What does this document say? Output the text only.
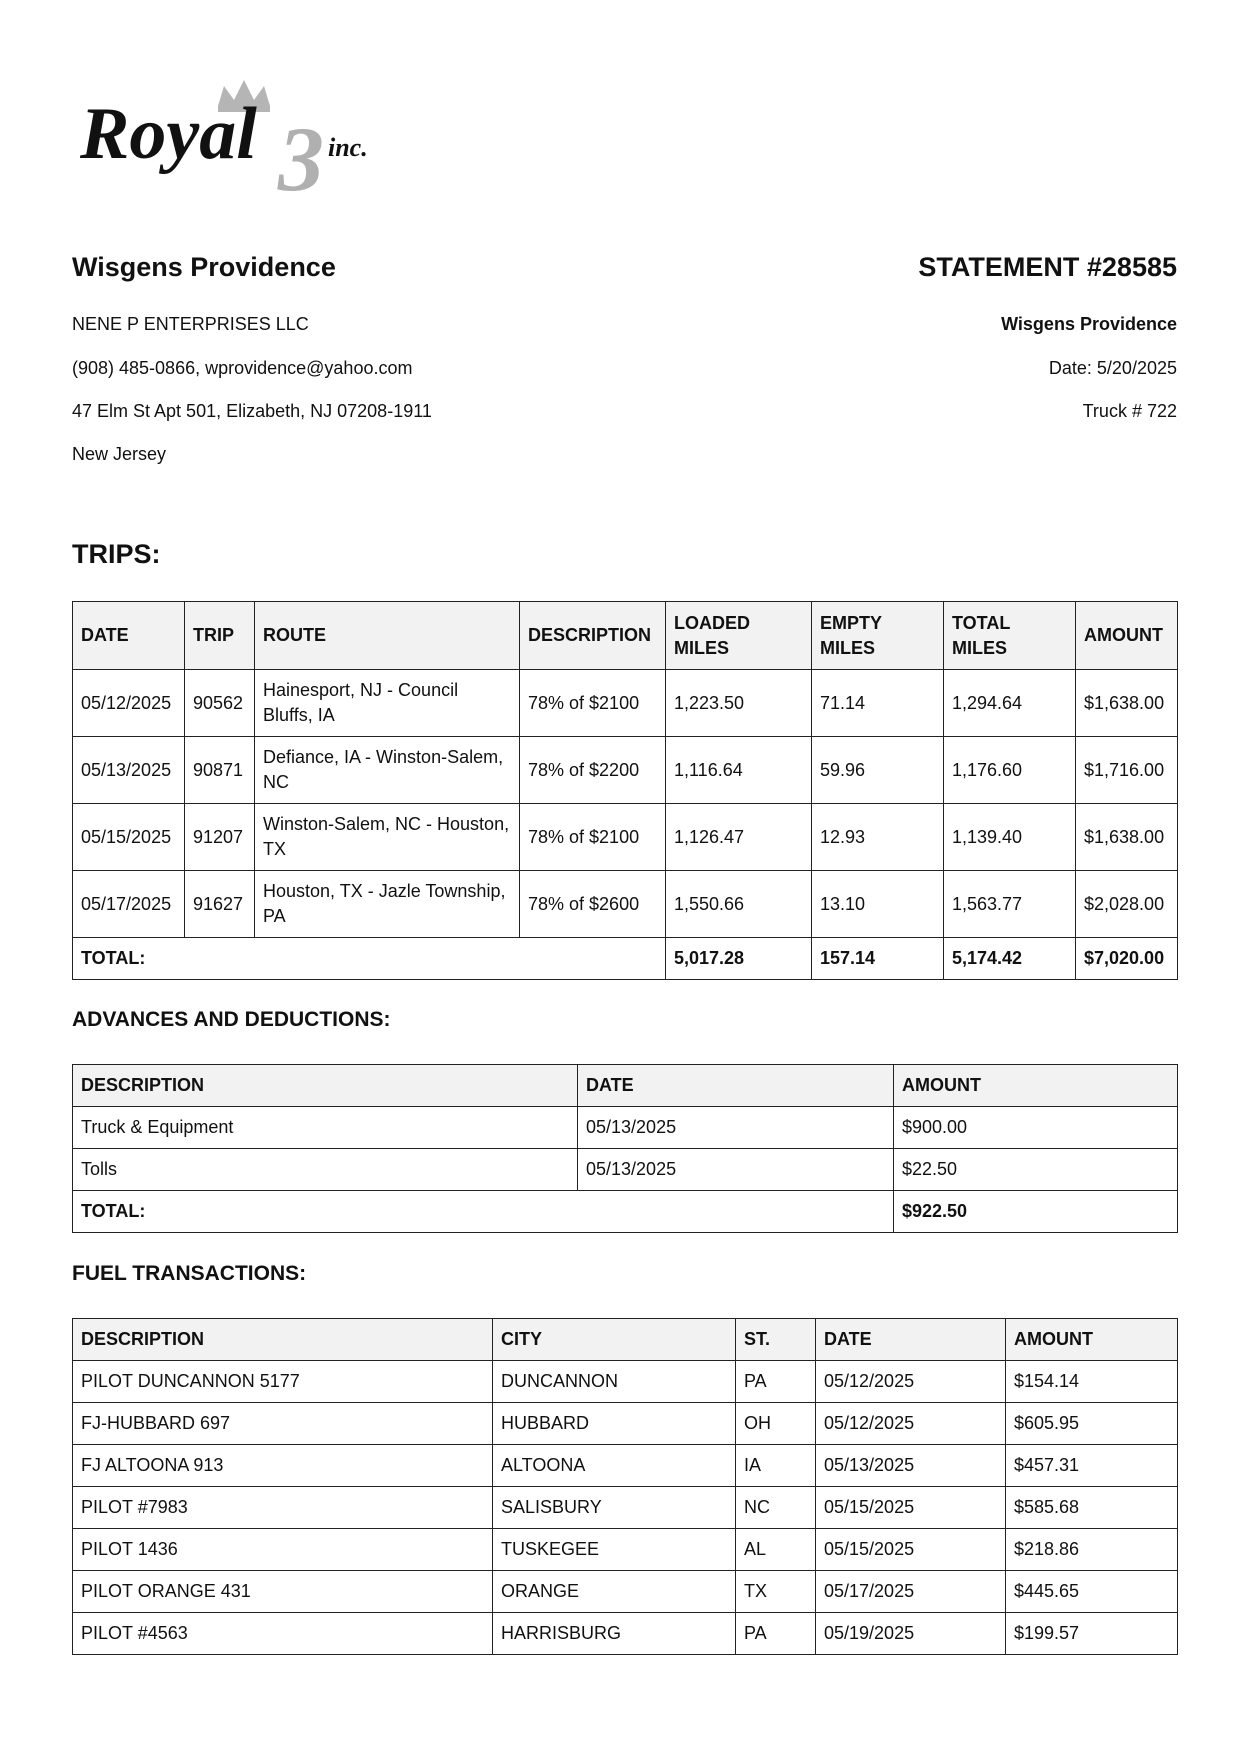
3
Royal	inc.
Wisgens Providence
NENE P ENTERPRISES LLC
(908) 485-0866, wprovidence@yahoo.com
47 Elm St Apt 501, Elizabeth, NJ 07208-1911
New Jersey
STATEMENT #28585
Wisgens Providence
Date: 5/20/2025
Truck # 722
TRIPS:
DATE	TRIP	ROUTE	DESCRIPTION	LOADED MILES	EMPTY MILES	TOTAL MILES	AMOUNT
05/12/2025	90562	Hainesport, NJ - Council Bluffs, IA	78% of $2100	1,223.50	71.14	1,294.64	$1,638.00
05/13/2025	90871	Defiance, IA - Winston-Salem, NC	78% of $2200	1,116.64	59.96	1,176.60	$1,716.00
05/15/2025	91207	Winston-Salem, NC - Houston, TX	78% of $2100	1,126.47	12.93	1,139.40	$1,638.00
05/17/2025	91627	Houston, TX - Jazle Township, PA	78% of $2600	1,550.66	13.10	1,563.77	$2,028.00
TOTAL:				5,017.28	157.14	5,174.42	$7,020.00
ADVANCES AND DEDUCTIONS:
DESCRIPTION	DATE	AMOUNT
Truck & Equipment	05/13/2025	$900.00
Tolls	05/13/2025	$22.50
TOTAL:		$922.50
FUEL TRANSACTIONS:
DESCRIPTION	CITY	ST.	DATE	AMOUNT
PILOT DUNCANNON 5177	DUNCANNON	PA	05/12/2025	$154.14
FJ-HUBBARD 697	HUBBARD	OH	05/12/2025	$605.95
FJ ALTOONA 913	ALTOONA	IA	05/13/2025	$457.31
PILOT #7983	SALISBURY	NC	05/15/2025	$585.68
PILOT 1436	TUSKEGEE	AL	05/15/2025	$218.86
PILOT ORANGE 431	ORANGE	TX	05/17/2025	$445.65
PILOT #4563	HARRISBURG	PA	05/19/2025	$199.57
